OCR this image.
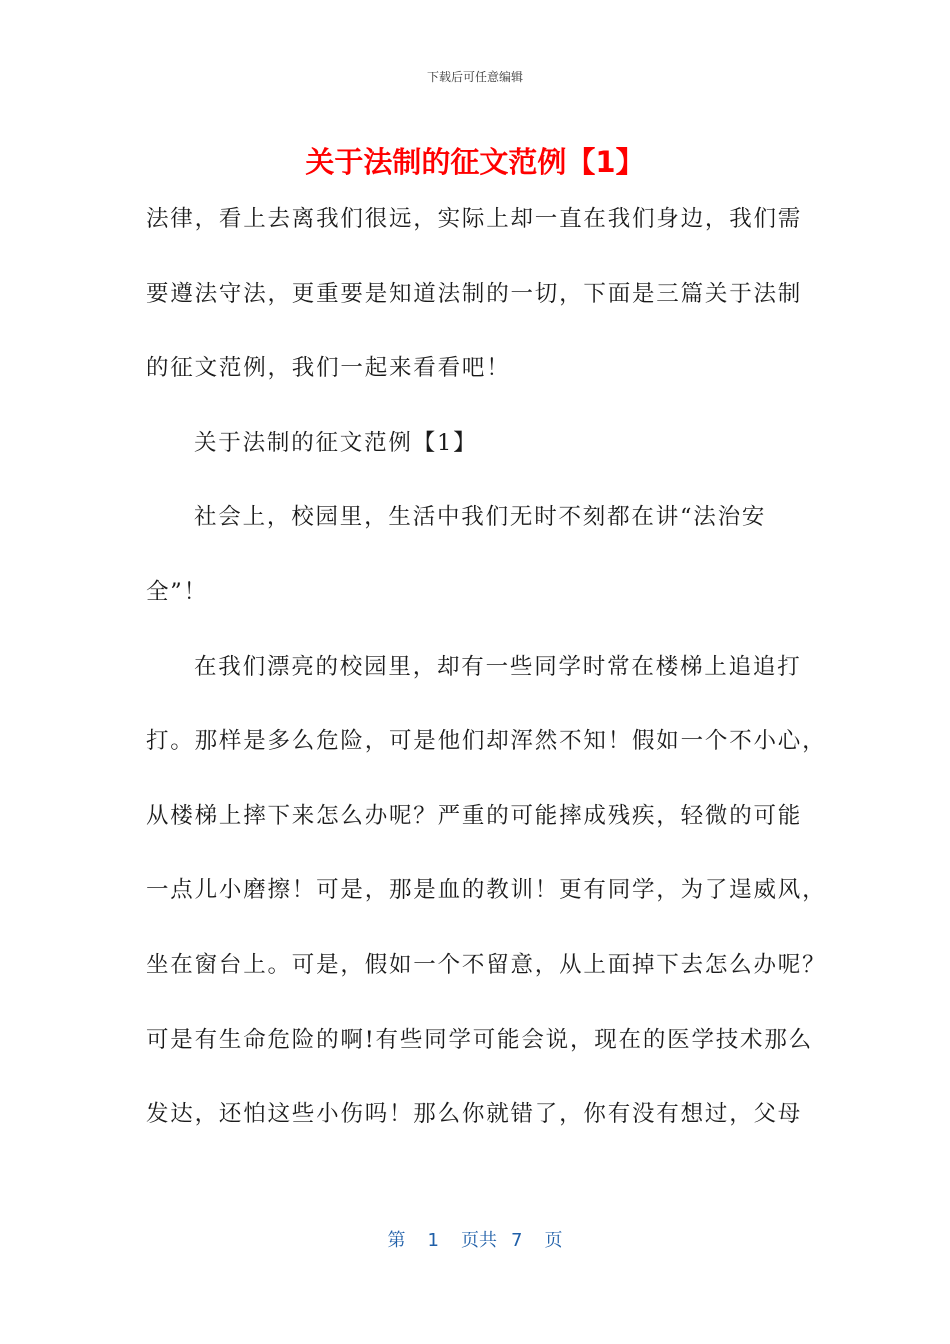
下载后可任意编辑
关于法制的征文范例【1】
法律，看上去离我们很远，实际上却一直在我们身边，我们需
要遵法守法，更重要是知道法制的一切，下面是三篇关于法制
的征文范例，我们一起来看看吧！
关于法制的征文范例【1】
社会上，校园里，生活中我们无时不刻都在讲“法治安
全”！
在我们漂亮的校园里，却有一些同学时常在楼梯上追追打
打。那样是多么危险，可是他们却浑然不知！假如一个不小心，
从楼梯上摔下来怎么办呢？严重的可能摔成残疾，轻微的可能
一点儿小磨擦！可是，那是血的教训！更有同学，为了逞威风，
坐在窗台上。可是，假如一个不留意，从上面掉下去怎么办呢？
可是有生命危险的啊!有些同学可能会说，现在的医学技术那么
发达，还怕这些小伤吗！那么你就错了，你有没有想过，父母
第 1 页共 7 页
